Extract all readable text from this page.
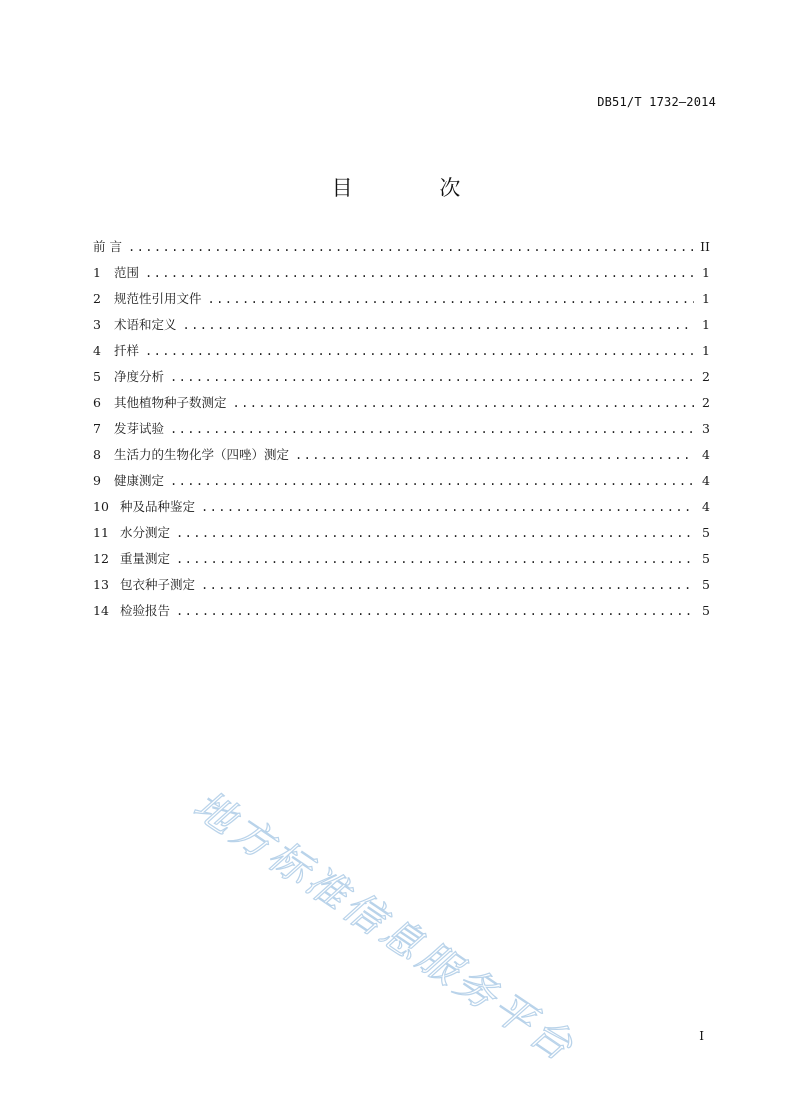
DB51/T 1732—2014
目 次
前 言 .....	II
1	范围 .....	1
2	规范性引用文件 .....	1
3	术语和定义 .....	1
4	扦样 .....	1
5	净度分析 .....	2
6	其他植物种子数测定 .....	2
7	发芽试验 .....	3
8	生活力的生物化学（四唑）测定 .....	4
9	健康测定 .....	4
10 种及品种鉴定 .....	4
11 水分测定 .....	5
12 重量测定 .....	5
13 包衣种子测定 .....	5
14 检验报告 .....	5
地方标准信息服务平台	I
